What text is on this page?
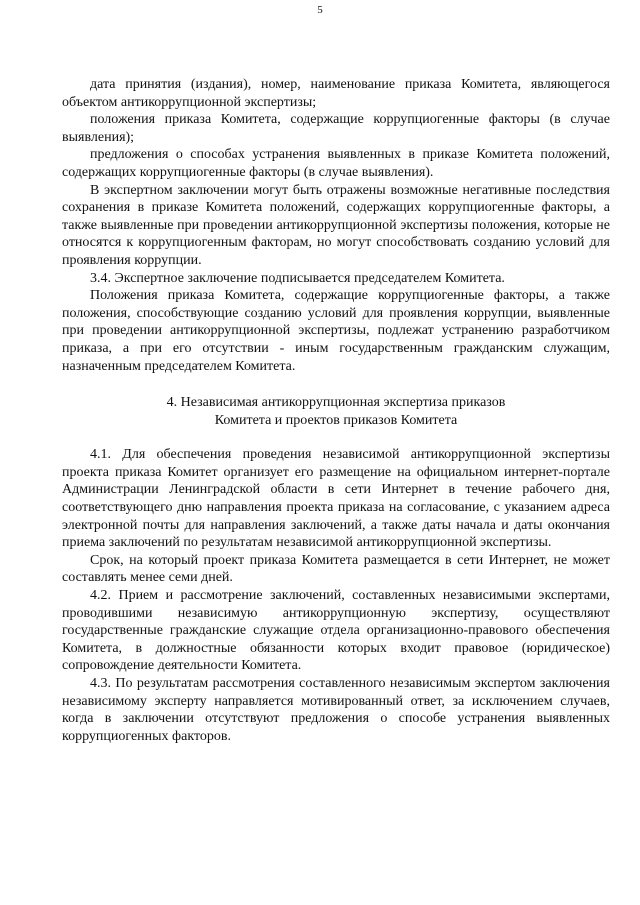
5

дата принятия (издания), номер, наименование приказа Комитета, являющегося объектом антикоррупционной экспертизы;

положения приказа Комитета, содержащие коррупциогенные факторы (в случае выявления);

предложения о способах устранения выявленных в приказе Комитета положений, содержащих коррупциогенные факторы (в случае выявления).

В экспертном заключении могут быть отражены возможные негативные последствия сохранения в приказе Комитета положений, содержащих коррупциогенные факторы, а также выявленные при проведении антикоррупционной экспертизы положения, которые не относятся к коррупциогенным факторам, но могут способствовать созданию условий для проявления коррупции.

3.4. Экспертное заключение подписывается председателем Комитета.

Положения приказа Комитета, содержащие коррупциогенные факторы, а также положения, способствующие созданию условий для проявления коррупции, выявленные при проведении антикоррупционной экспертизы, подлежат устранению разработчиком приказа, а при его отсутствии - иным государственным гражданским служащим, назначенным председателем Комитета.

4. Независимая антикоррупционная экспертиза приказов
Комитета и проектов приказов Комитета

4.1. Для обеспечения проведения независимой антикоррупционной экспертизы проекта приказа Комитет организует его размещение на официальном интернет-портале Администрации Ленинградской области в сети Интернет в течение рабочего дня, соответствующего дню направления проекта приказа на согласование, с указанием адреса электронной почты для направления заключений, а также даты начала и даты окончания приема заключений по результатам независимой антикоррупционной экспертизы.

Срок, на который проект приказа Комитета размещается в сети Интернет, не может составлять менее семи дней.

4.2. Прием и рассмотрение заключений, составленных независимыми экспертами, проводившими независимую антикоррупционную экспертизу, осуществляют государственные гражданские служащие отдела организационно-правового обеспечения Комитета, в должностные обязанности которых входит правовое (юридическое) сопровождение деятельности Комитета.

4.3. По результатам рассмотрения составленного независимым экспертом заключения независимому эксперту направляется мотивированный ответ, за исключением случаев, когда в заключении отсутствуют предложения о способе устранения выявленных коррупциогенных факторов.
